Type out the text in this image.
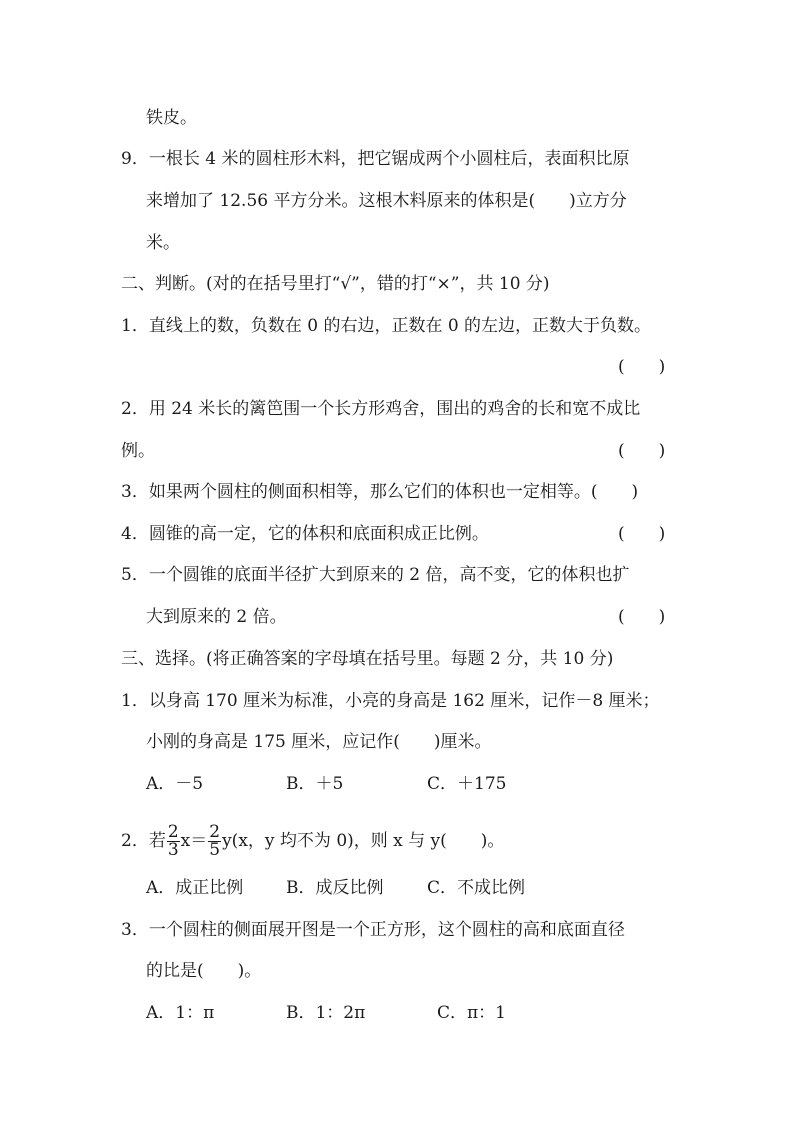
铁皮。
9．一根长 4 米的圆柱形木料，把它锯成两个小圆柱后，表面积比原
来增加了 12.56 平方分米。这根木料原来的体积是(　　)立方分
米。
二、判断。(对的在括号里打“√”，错的打“×”，共 10 分)
1．直线上的数，负数在 0 的右边，正数在 0 的左边，正数大于负数。
(　　)
2．用 24 米长的篱笆围一个长方形鸡舍，围出的鸡舍的长和宽不成比
例。	(　　)
3．如果两个圆柱的侧面积相等，那么它们的体积也一定相等。(　　)
4．圆锥的高一定，它的体积和底面积成正比例。	(　　)
5．一个圆锥的底面半径扩大到原来的 2 倍，高不变，它的体积也扩
大到原来的 2 倍。	(　　)
三、选择。(将正确答案的字母填在括号里。每题 2 分，共 10 分)
1．以身高 170 厘米为标准，小亮的身高是 162 厘米，记作－8 厘米；
小刚的身高是 175 厘米，应记作(　　)厘米。
A．－5	B．＋5	C．＋175
2．若 $\frac{2}{3} x= \frac{2}{5} y(x$，y 均不为 0)，则 x 与 y(　　)。
A．成正比例	B．成反比例	C．不成比例
3．一个圆柱的侧面展开图是一个正方形，这个圆柱的高和底面直径
的比是(　　)。
A．1：π	B．1：2π	C．π：1
